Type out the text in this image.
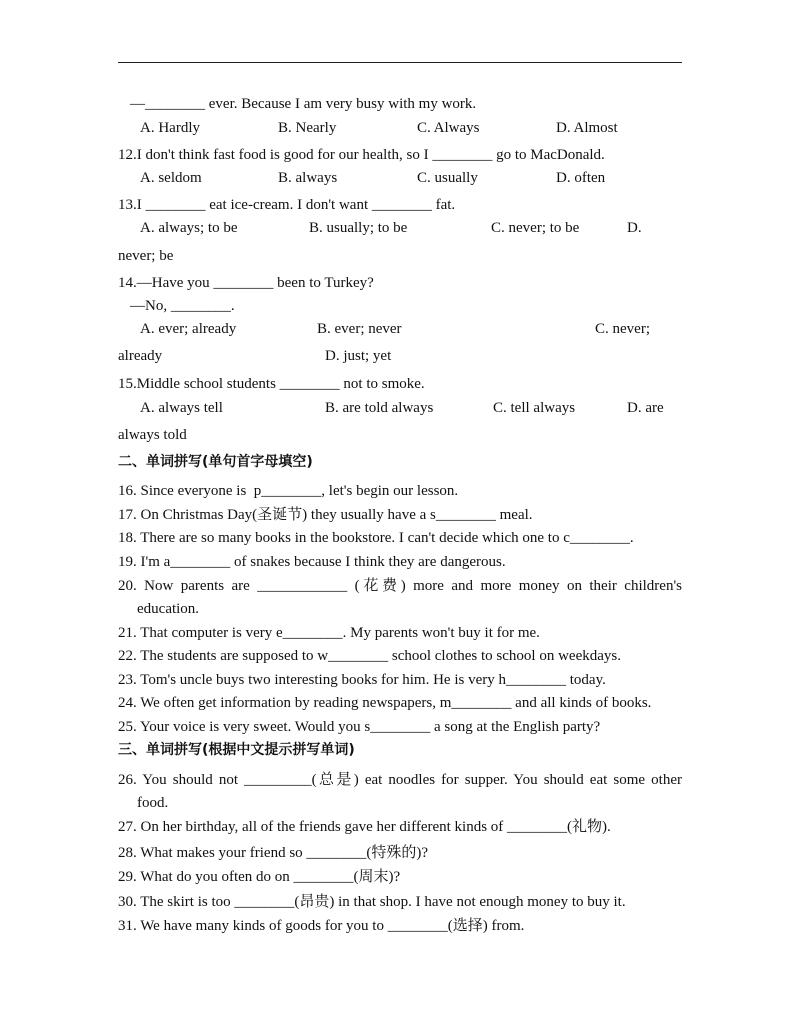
—________ ever. Because I am very busy with my work.
A. Hardly	B. Nearly	C. Always	D. Almost
12.I don't think fast food is good for our health, so I ________ go to MacDonald.
A. seldom	B. always	C. usually	D. often
13.I ________ eat ice-cream. I don't want ________ fat.
A. always; to be	B. usually; to be	C. never; to be	D.
never; be
14.—Have you ________ been to Turkey?
—No, ________.
A. ever; already	B. ever; never	C. never;
already	D. just; yet
15.Middle school students ________ not to smoke.
A. always tell	B. are told always	C. tell always	D. are
always told
二、单词拼写(单句首字母填空)
16. Since everyone is  p________, let's begin our lesson.
17. On Christmas Day(圣诞节) they usually have a s________ meal.
18. There are so many books in the bookstore. I can't decide which one to c________.
19. I'm a________ of snakes because I think they are dangerous.
20. Now parents are ____________ (花费) more and more money on their children's
education.
21. That computer is very e________. My parents won't buy it for me.
22. The students are supposed to w________ school clothes to school on weekdays.
23. Tom's uncle buys two interesting books for him. He is very h________ today.
24. We often get information by reading newspapers, m________ and all kinds of books.
25. Your voice is very sweet. Would you s________ a song at the English party?
三、单词拼写(根据中文提示拼写单词)
26. You should not _________(总是) eat noodles for supper. You should eat some other
food.
27. On her birthday, all of the friends gave her different kinds of ________(礼物).
28. What makes your friend so ________(特殊的)?
29. What do you often do on ________(周末)?
30. The skirt is too ________(昂贵) in that shop. I have not enough money to buy it.
31. We have many kinds of goods for you to ________(选择) from.
